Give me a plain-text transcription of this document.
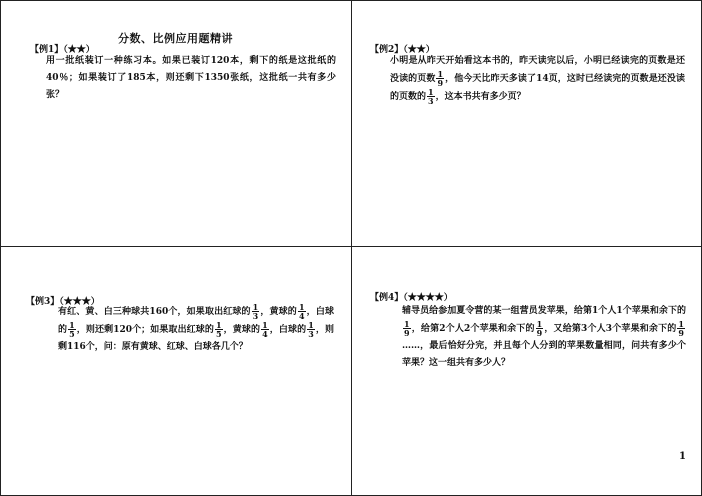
分数、比例应用题精讲
【例1】（★★）
用一批纸装订一种练习本。如果已装订120本，剩下的纸是这批纸的40％；如果装订了185本，则还剩下1350张纸，这批纸一共有多少张？
【例2】（★★）
小明是从昨天开始看这本书的，昨天读完以后，小明已经读完的页数是还没读的页数 $\frac{1}{9}$ ，他今天比昨天多读了14页，这时已经读完的页数是还没读的页数的 $\frac{1}{3}$ ，这本书共有多少页？
【例3】（★★★）
有红、黄、白三种球共160个，如果取出红球的 $\frac{1}{3}$ ，黄球的 $\frac{1}{4}$ ，白球的 $\frac{1}{5}$ ，则还剩120个；如果取出红球的 $\frac{1}{5}$ ，黄球的 $\frac{1}{4}$ ，白球的 $\frac{1}{3}$ ，则剩116个，问：原有黄球、红球、白球各几个？
【例4】（★★★★）
辅导员给参加夏令营的某一组营员发苹果，给第1个人1个苹果和余下的
$\frac{1}{9}$ ，给第2个人2个苹果和余下的 $\frac{1}{9}$ ，又给第3个人3个苹果和余下的 $\frac{1}{9}$
……，最后恰好分完，并且每个人分到的苹果数量相同，问共有多少个苹果？这一组共有多少人？
1
